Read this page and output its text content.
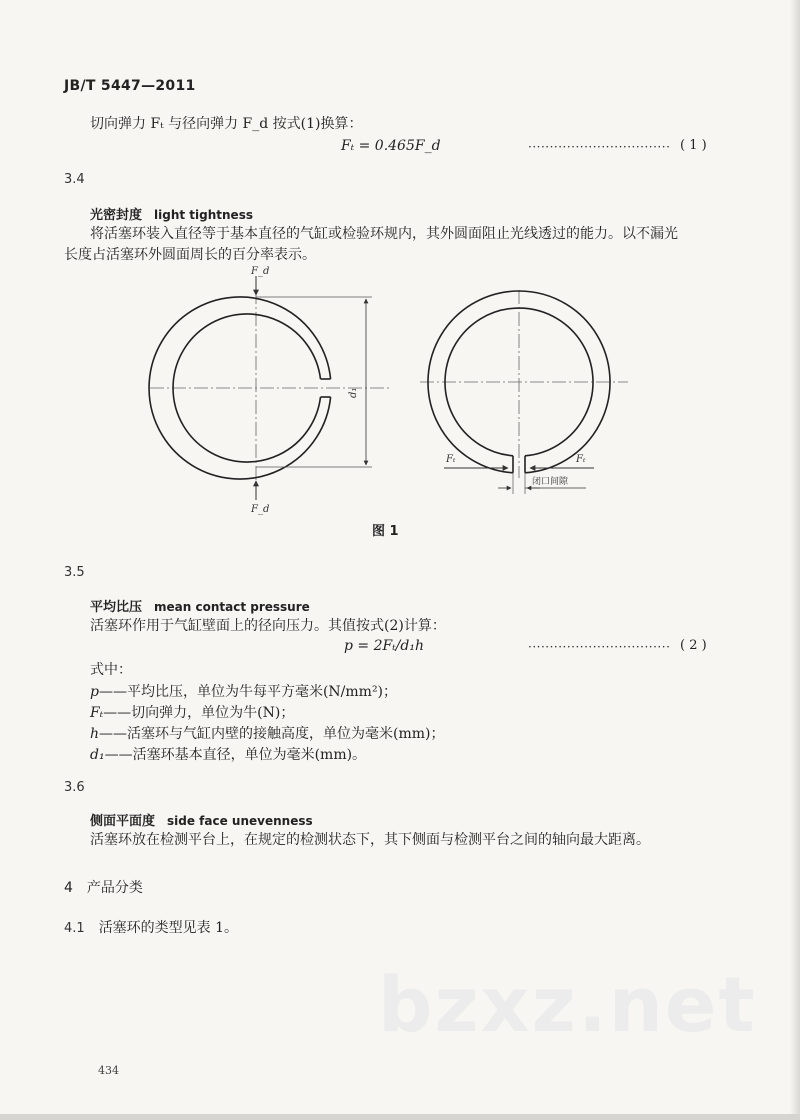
JB/T 5447—2011
切向弹力 Fₜ 与径向弹力 F_d 按式(1)换算：
Fₜ = 0.465F_d	································· ( 1 )
3.4
光密封度 light tightness
将活塞环装入直径等于基本直径的气缸或检验环规内，其外圆面阻止光线透过的能力。以不漏光
长度占活塞环外圆面周长的百分率表示。
F_d
F_d
d₁
Fₜ	Fₜ
闭口间隙
图 1
3.5
平均比压 mean contact pressure
活塞环作用于气缸壁面上的径向压力。其值按式(2)计算：
p = 2Fₜ/d₁h	································· ( 2 )
式中：
p——平均比压，单位为牛每平方毫米(N/mm²)；
Fₜ——切向弹力，单位为牛(N)；
h——活塞环与气缸内壁的接触高度，单位为毫米(mm)；
d₁——活塞环基本直径，单位为毫米(mm)。
3.6
侧面平面度 side face unevenness
活塞环放在检测平台上，在规定的检测状态下，其下侧面与检测平台之间的轴向最大距离。
4 产品分类
4.1 活塞环的类型见表 1。
bzxz.net
434
